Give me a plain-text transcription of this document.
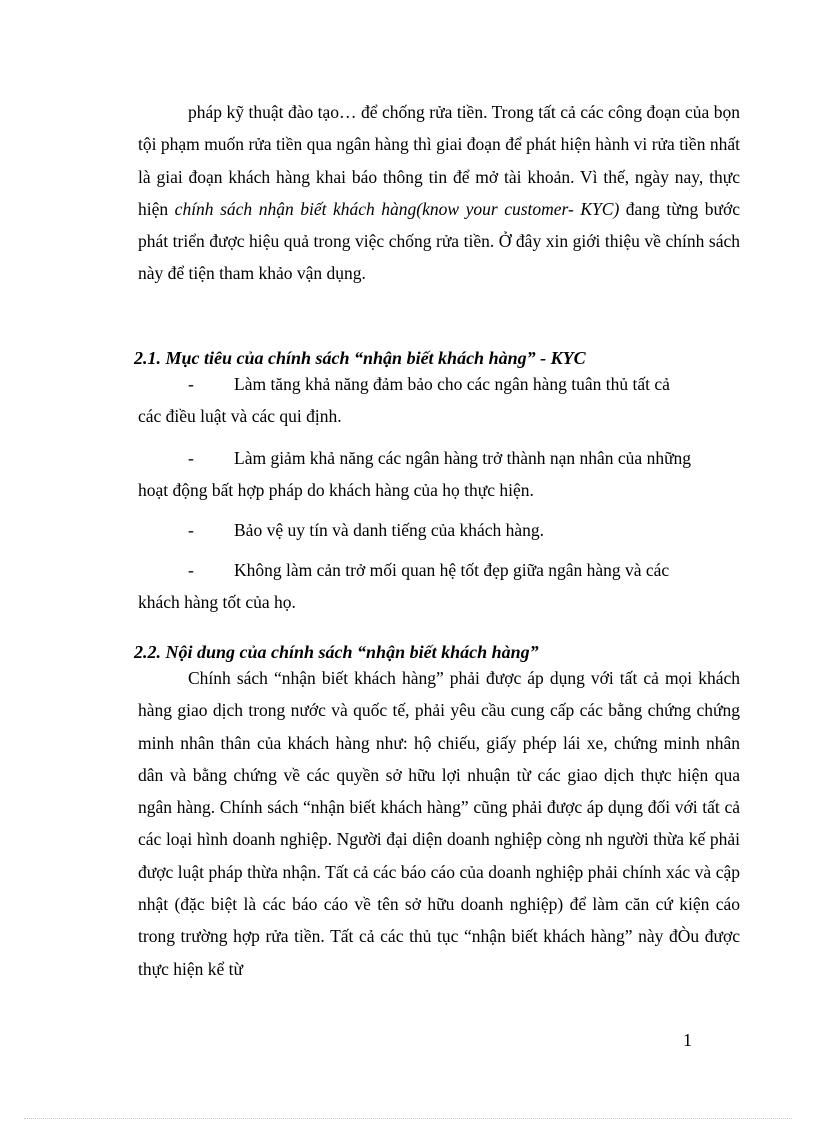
pháp kỹ thuật đào tạo… để chống rửa tiền. Trong tất cả các công đoạn của bọn tội phạm muốn rửa tiền qua ngân hàng thì giai đoạn để phát hiện hành vi rửa tiền nhất là giai đoạn khách hàng khai báo thông tin để mở tài khoản. Vì thế, ngày nay, thực hiện chính sách nhận biết khách hàng(know your customer- KYC) đang từng bước phát triển được hiệu quả trong việc chống rửa tiền. Ở đây xin giới thiệu về chính sách này để tiện tham khảo vận dụng.

2.1. Mục tiêu của chính sách “nhận biết khách hàng” - KYC
- Làm tăng khả năng đảm bảo cho các ngân hàng tuân thủ tất cả
các điều luật và các qui định.
- Làm giảm khả năng các ngân hàng trở thành nạn nhân của những
hoạt động bất hợp pháp do khách hàng của họ thực hiện.
- Bảo vệ uy tín và danh tiếng của khách hàng.
- Không làm cản trở mối quan hệ tốt đẹp giữa ngân hàng và các
khách hàng tốt của họ.
2.2. Nội dung của chính sách “nhận biết khách hàng”

Chính sách “nhận biết khách hàng” phải được áp dụng với tất cả mọi khách hàng giao dịch trong nước và quốc tế, phải yêu cầu cung cấp các bằng chứng chứng minh nhân thân của khách hàng như: hộ chiếu, giấy phép lái xe, chứng minh nhân dân và bằng chứng về các quyền sở hữu lợi nhuận từ các giao dịch thực hiện qua ngân hàng. Chính sách “nhận biết khách hàng” cũng phải được áp dụng đối với tất cả các loại hình doanh nghiệp. Người đại diện doanh nghiệp còng nh người thừa kế phải được luật pháp thừa nhận. Tất cả các báo cáo của doanh nghiệp phải chính xác và cập nhật (đặc biệt là các báo cáo về tên sở hữu doanh nghiệp) để làm căn cứ kiện cáo trong trường hợp rửa tiền. Tất cả các thủ tục “nhận biết khách hàng” này đÒu được thực hiện kể từ

1
